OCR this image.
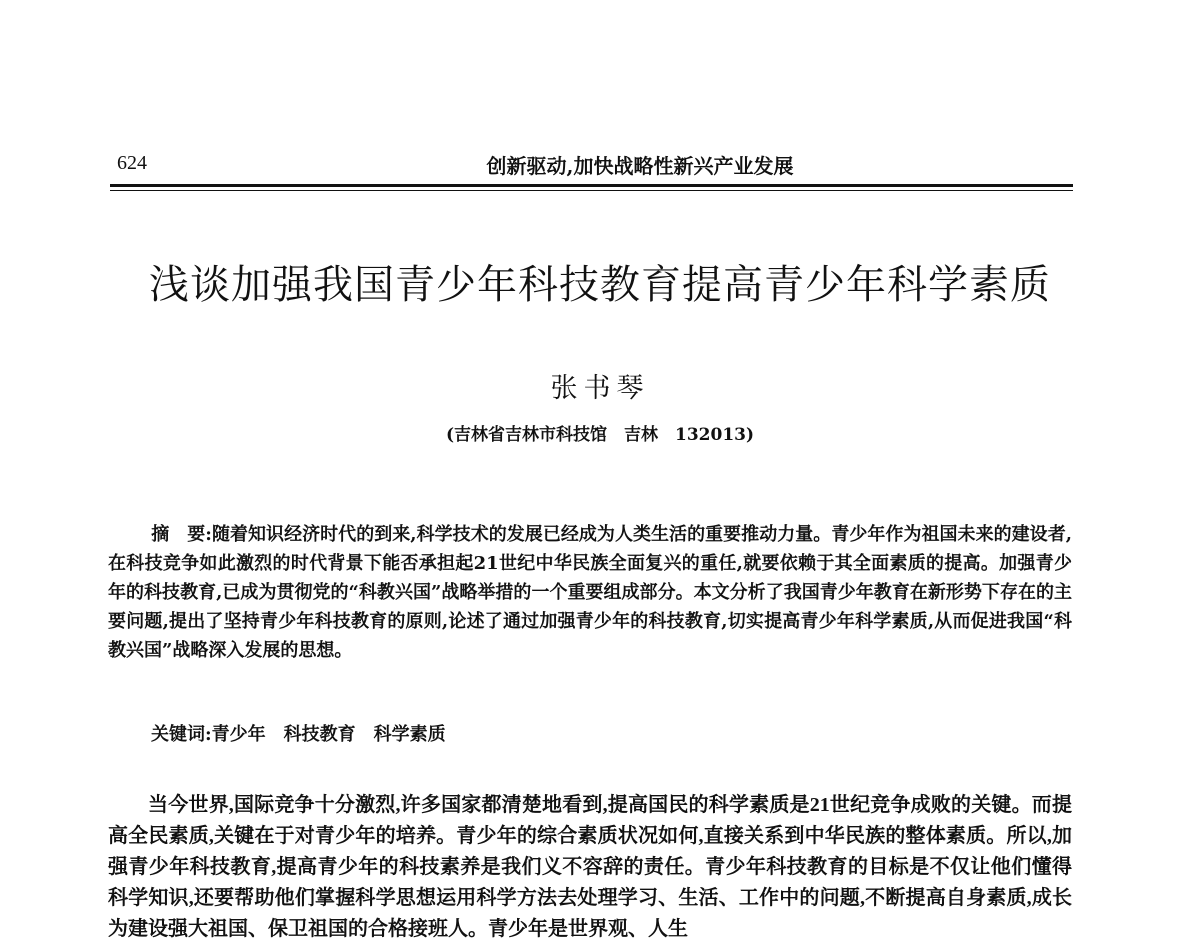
624	创新驱动,加快战略性新兴产业发展
浅谈加强我国青少年科技教育提高青少年科学素质
张书琴
(吉林省吉林市科技馆　吉林　132013)

摘　要:随着知识经济时代的到来,科学技术的发展已经成为人类生活的重要推动力量。青少年作为祖国未来的建设者,在科技竞争如此激烈的时代背景下能否承担起21世纪中华民族全面复兴的重任,就要依赖于其全面素质的提高。加强青少年的科技教育,已成为贯彻党的“科教兴国”战略举措的一个重要组成部分。本文分析了我国青少年教育在新形势下存在的主要问题,提出了坚持青少年科技教育的原则,论述了通过加强青少年的科技教育,切实提高青少年科学素质,从而促进我国“科教兴国”战略深入发展的思想。

关键词:青少年　科技教育　科学素质

当今世界,国际竞争十分激烈,许多国家都清楚地看到,提高国民的科学素质是21世纪竞争成败的关键。而提高全民素质,关键在于对青少年的培养。青少年的综合素质状况如何,直接关系到中华民族的整体素质。所以,加强青少年科技教育,提高青少年的科技素养是我们义不容辞的责任。青少年科技教育的目标是不仅让他们懂得科学知识,还要帮助他们掌握科学思想运用科学方法去处理学习、生活、工作中的问题,不断提高自身素质,成长为建设强大祖国、保卫祖国的合格接班人。青少年是世界观、人生
